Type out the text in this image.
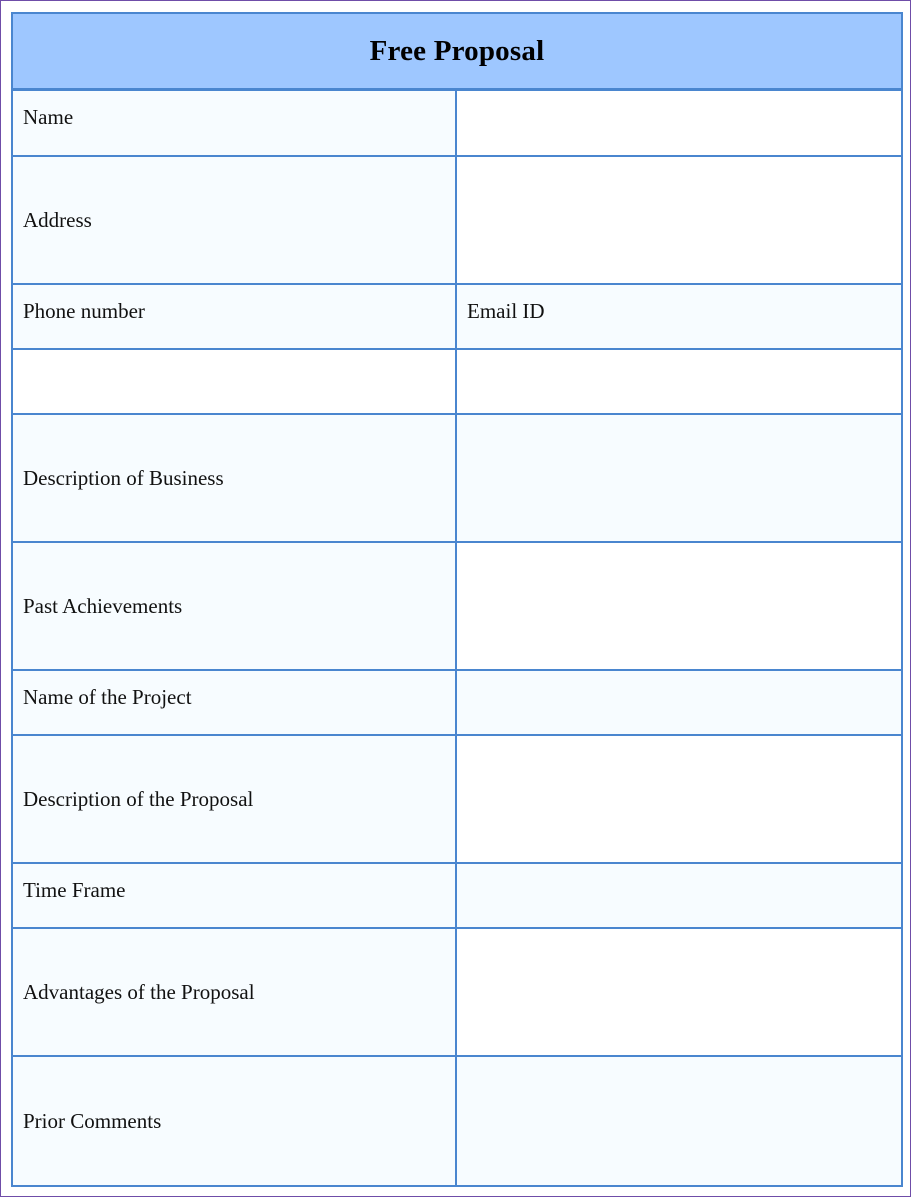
Free Proposal
Name
Address
Phone number	Email ID
Description of Business
Past Achievements
Name of the Project
Description of the Proposal
Time Frame
Advantages of the Proposal
Prior Comments
